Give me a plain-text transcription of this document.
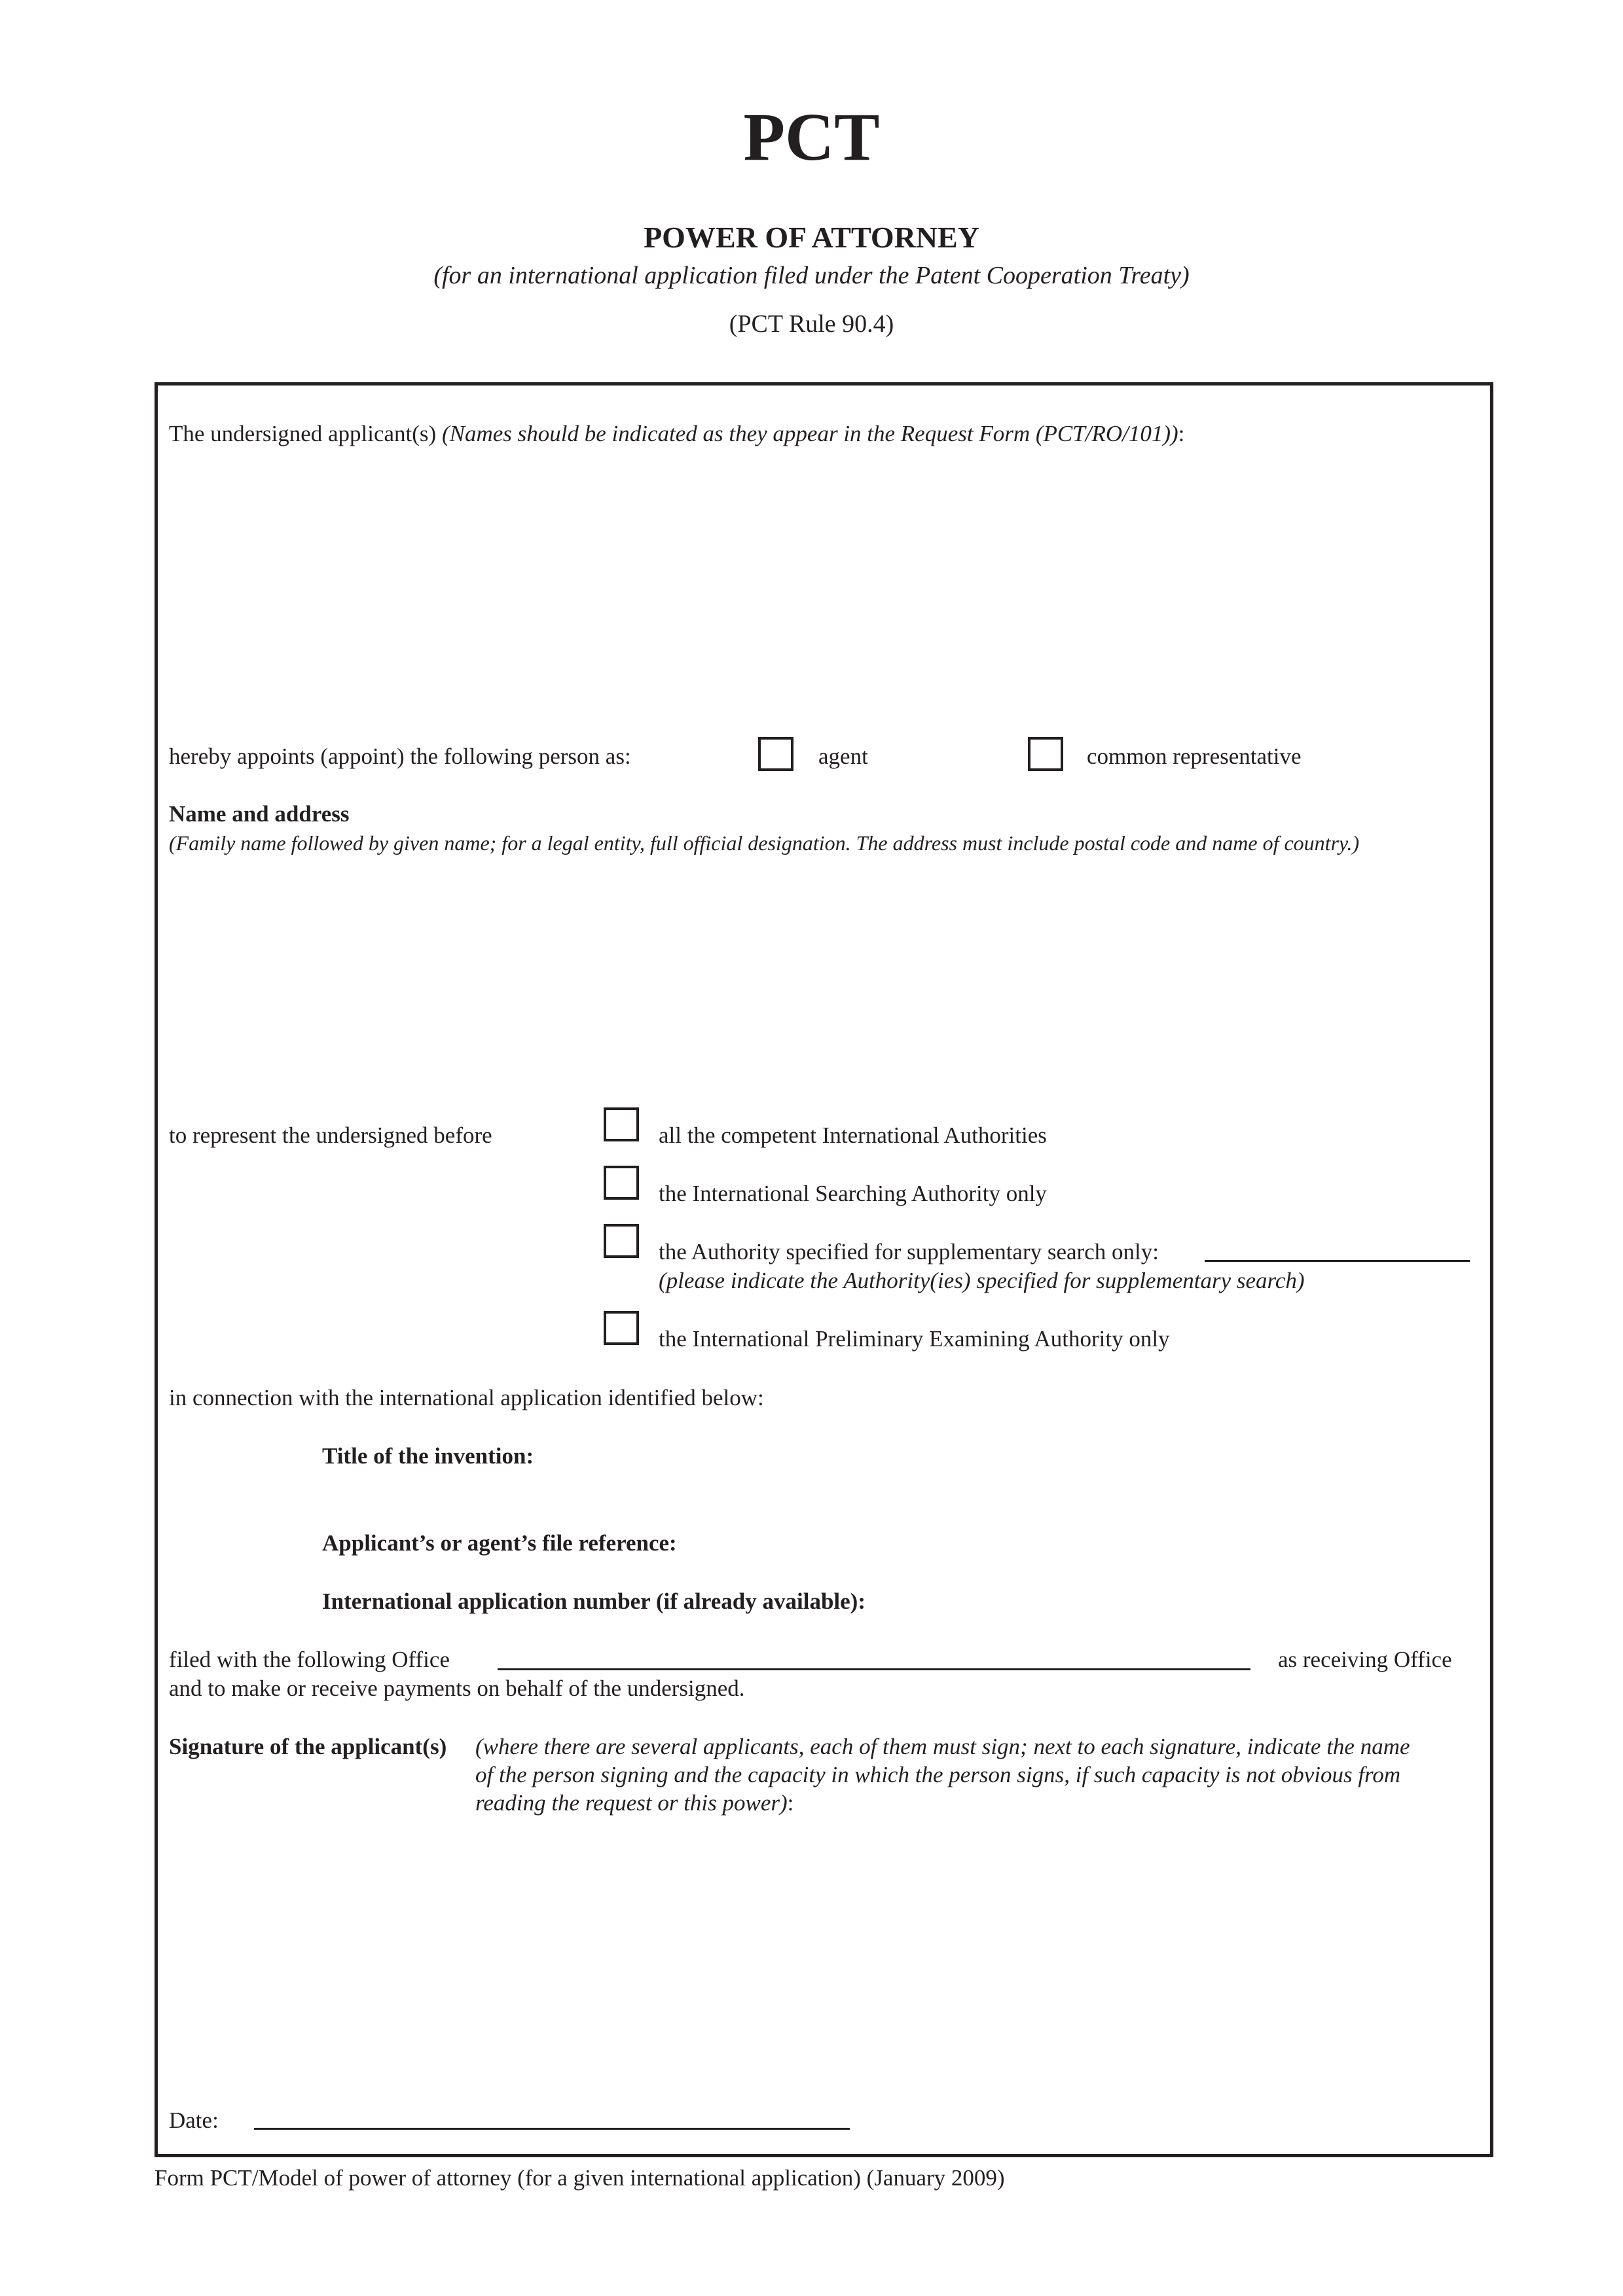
PCT
POWER OF ATTORNEY
(for an international application filed under the Patent Cooperation Treaty)
(PCT Rule 90.4)
The undersigned applicant(s) (Names should be indicated as they appear in the Request Form (PCT/RO/101)):
hereby appoints (appoint) the following person as:	agent	common representative
Name and address
(Family name followed by given name; for a legal entity, full official designation. The address must include postal code and name of country.)
to represent the undersigned before	all the competent International Authorities
the International Searching Authority only
the Authority specified for supplementary search only:
(please indicate the Authority(ies) specified for supplementary search)
the International Preliminary Examining Authority only
in connection with the international application identified below:
Title of the invention:
Applicant’s or agent’s file reference:
International application number (if already available):
filed with the following Office	as receiving Office
and to make or receive payments on behalf of the undersigned.
Signature of the applicant(s) (where there are several applicants, each of them must sign; next to each signature, indicate the name
of the person signing and the capacity in which the person signs, if such capacity is not obvious from
reading the request or this power):
Date:
Form PCT/Model of power of attorney (for a given international application) (January 2009)
